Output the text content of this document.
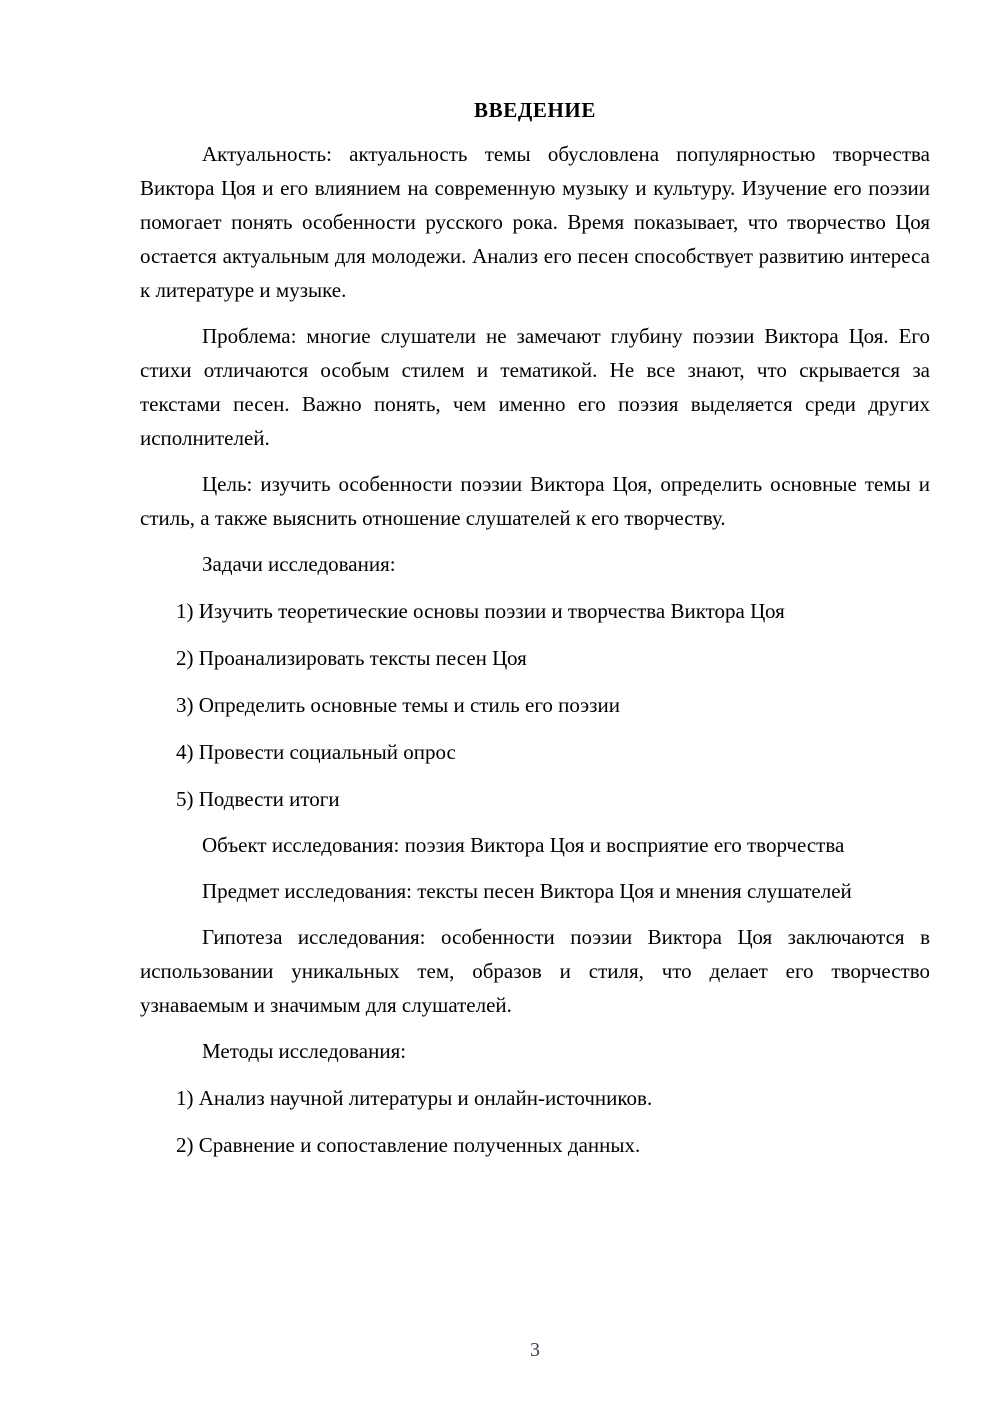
ВВЕДЕНИЕ

Актуальность: актуальность темы обусловлена популярностью творчества Виктора Цоя и его влиянием на современную музыку и культуру. Изучение его поэзии помогает понять особенности русского рока. Время показывает, что творчество Цоя остается актуальным для молодежи. Анализ его песен способствует развитию интереса к литературе и музыке.

Проблема: многие слушатели не замечают глубину поэзии Виктора Цоя. Его стихи отличаются особым стилем и тематикой. Не все знают, что скрывается за текстами песен. Важно понять, чем именно его поэзия выделяется среди других исполнителей.

Цель: изучить особенности поэзии Виктора Цоя, определить основные темы и стиль, а также выяснить отношение слушателей к его творчеству.

Задачи исследования:

1) Изучить теоретические основы поэзии и творчества Виктора Цоя

2) Проанализировать тексты песен Цоя

3) Определить основные темы и стиль его поэзии

4) Провести социальный опрос

5) Подвести итоги

Объект исследования: поэзия Виктора Цоя и восприятие его творчества

Предмет исследования: тексты песен Виктора Цоя и мнения слушателей

Гипотеза исследования: особенности поэзии Виктора Цоя заключаются в использовании уникальных тем, образов и стиля, что делает его творчество узнаваемым и значимым для слушателей.

Методы исследования:

1) Анализ научной литературы и онлайн-источников.

2) Сравнение и сопоставление полученных данных.

3
